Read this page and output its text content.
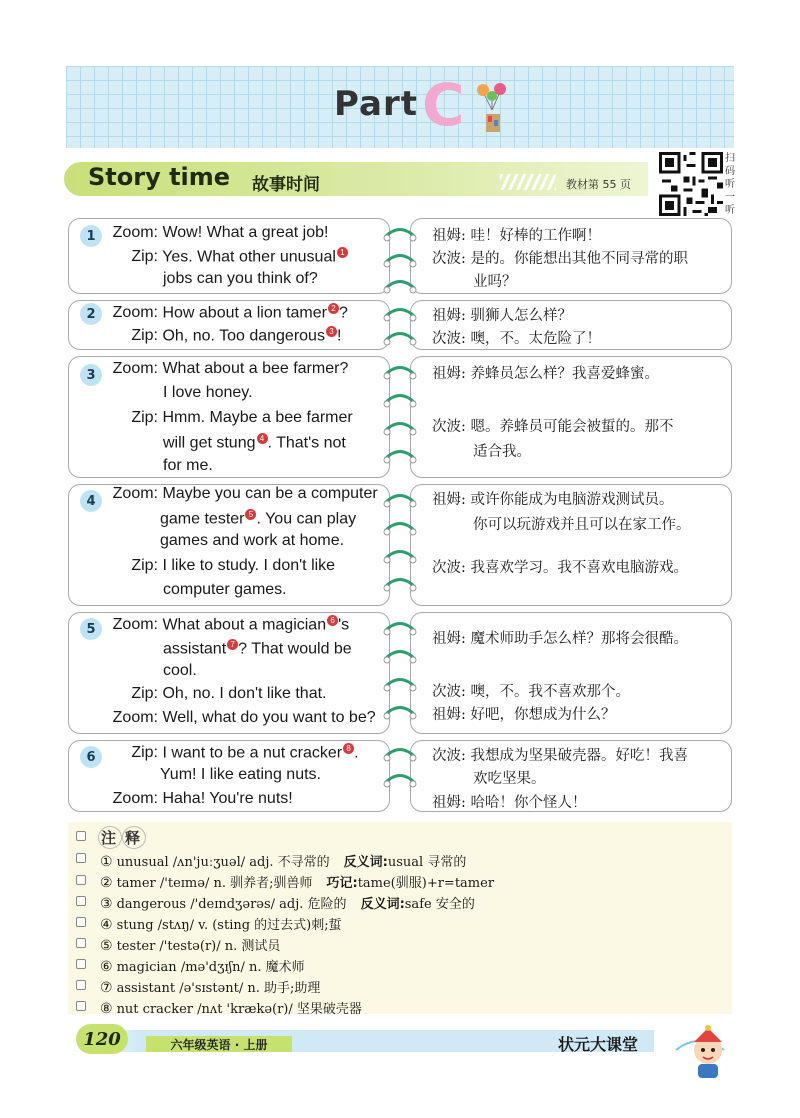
Part C
Story time 故事时间	教材第 55 页
扫
码
听
一
听
1	Zoom: Wow! What a great job!
Zip: Yes. What other unusual 1
jobs can you think of?
祖姆: 哇！好棒的工作啊！
次波: 是的。你能想出其他不同寻常的职
业吗？
2	Zoom: How about a lion tamer 2 ?
Zip: Oh, no. Too dangerous 3 !
祖姆: 驯狮人怎么样？
次波: 噢，不。太危险了！
3	Zoom: What about a bee farmer?
I love honey.
Zip: Hmm. Maybe a bee farmer
will get stung 4 . That's not
for me.
祖姆: 养蜂员怎么样？我喜爱蜂蜜。
次波: 嗯。养蜂员可能会被蜇的。那不
适合我。
4	Zoom: Maybe you can be a computer
game tester 5 . You can play
games and work at home.
Zip: I like to study. I don't like
computer games.
祖姆: 或许你能成为电脑游戏测试员。
你可以玩游戏并且可以在家工作。
次波: 我喜欢学习。我不喜欢电脑游戏。
5	Zoom: What about a magician 6 's
assistant 7 ? That would be
cool.
Zip: Oh, no. I don't like that.
Zoom: Well, what do you want to be?
祖姆: 魔术师助手怎么样？那将会很酷。
次波: 噢，不。我不喜欢那个。
祖姆: 好吧，你想成为什么？
6	Zip: I want to be a nut cracker 8 .
Yum! I like eating nuts.
Zoom: Haha! You're nuts!
次波: 我想成为坚果破壳器。好吃！我喜
欢吃坚果。
祖姆: 哈哈！你个怪人！
注 释
① unusual /ʌn'juːʒuəl/ adj. 不寻常的 反义词:usual 寻常的
② tamer /'teɪmə/ n. 驯养者;驯兽师 巧记:tame(驯服)+r=tamer
③ dangerous /'deɪndʒərəs/ adj. 危险的 反义词:safe 安全的
④ stung /stʌŋ/ v. (sting 的过去式)刺;蜇
⑤ tester /'testə(r)/ n. 测试员
⑥ magician /mə'dʒɪʃn/ n. 魔术师
⑦ assistant /ə'sɪstənt/ n. 助手;助理
⑧ nut cracker /nʌt 'krækə(r)/ 坚果破壳器
120	六年级英语 · 上册	状元大课堂
